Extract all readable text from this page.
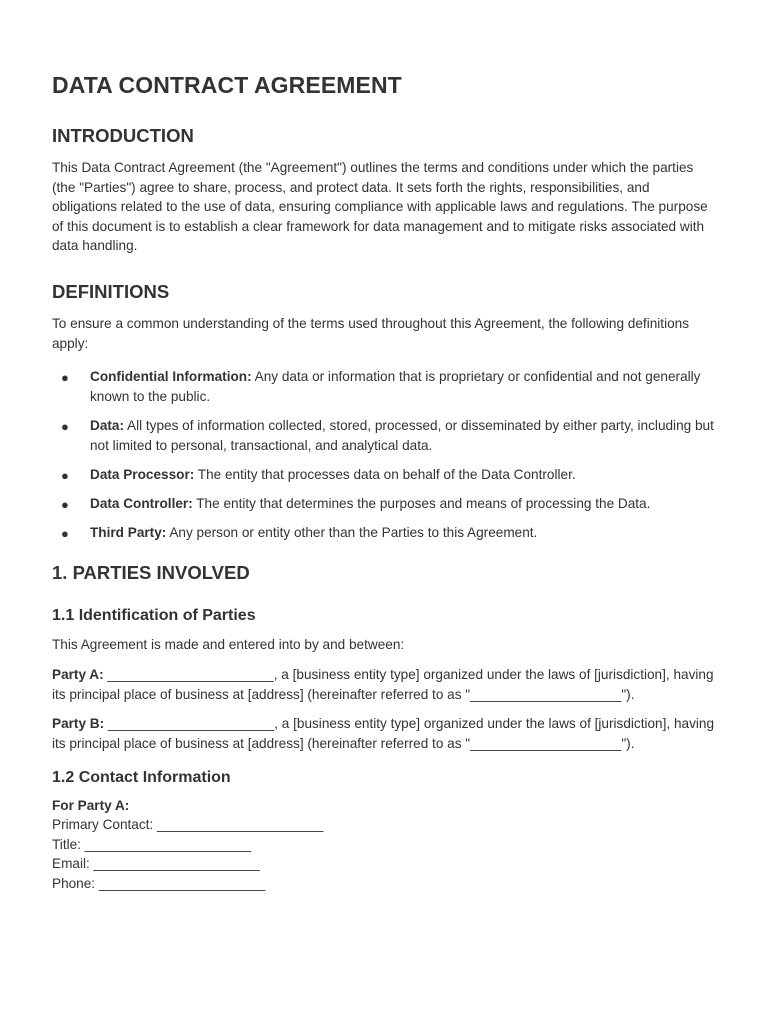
DATA CONTRACT AGREEMENT
INTRODUCTION

This Data Contract Agreement (the "Agreement") outlines the terms and conditions under which the parties (the "Parties") agree to share, process, and protect data. It sets forth the rights, responsibilities, and obligations related to the use of data, ensuring compliance with applicable laws and regulations. The purpose of this document is to establish a clear framework for data management and to mitigate risks associated with data handling.

DEFINITIONS

To ensure a common understanding of the terms used throughout this Agreement, the following definitions apply:

● Confidential Information: Any data or information that is proprietary or confidential and not generally known to the public.
● Data: All types of information collected, stored, processed, or disseminated by either party, including but not limited to personal, transactional, and analytical data.
● Data Processor: The entity that processes data on behalf of the Data Controller.
● Data Controller: The entity that determines the purposes and means of processing the Data.
● Third Party: Any person or entity other than the Parties to this Agreement.
1. PARTIES INVOLVED
1.1 Identification of Parties

This Agreement is made and entered into by and between:

Party A: ______________________, a [business entity type] organized under the laws of [jurisdiction], having its principal place of business at [address] (hereinafter referred to as "____________________").

Party B: ______________________, a [business entity type] organized under the laws of [jurisdiction], having its principal place of business at [address] (hereinafter referred to as "____________________").

1.2 Contact Information

For Party A:

Primary Contact: ______________________

Title: ______________________

Email: ______________________

Phone: ______________________
